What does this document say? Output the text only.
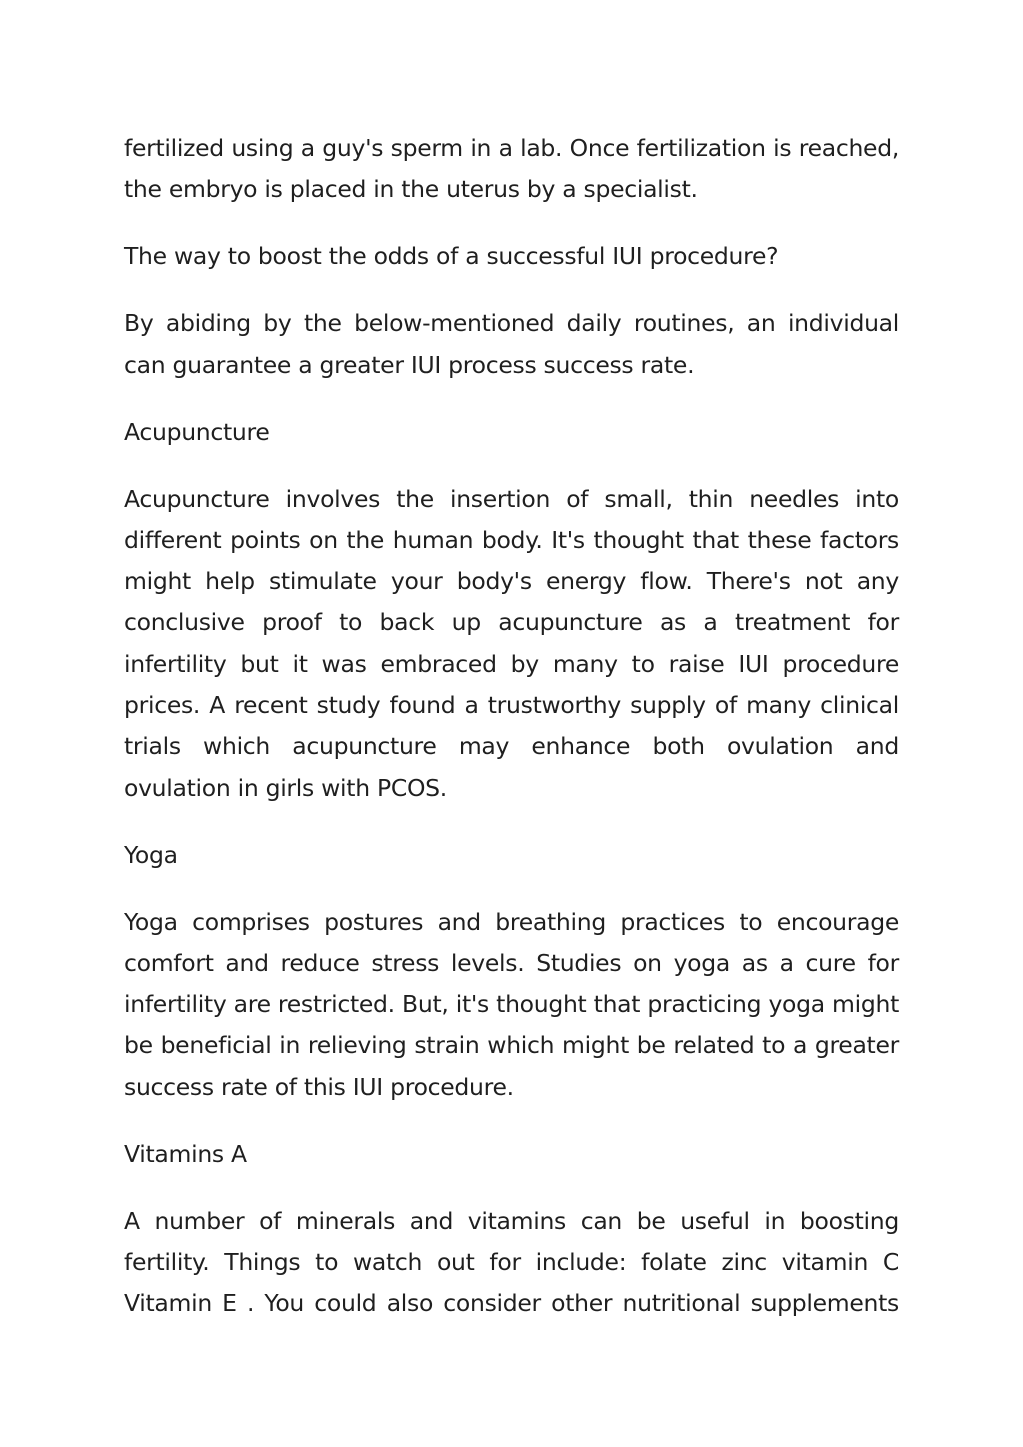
fertilized using a guy's sperm in a lab. Once fertilization is reached, the embryo is placed in the uterus by a specialist.

The way to boost the odds of a successful IUI procedure?

By abiding by the below-mentioned daily routines, an individual can guarantee a greater IUI process success rate.

Acupuncture

Acupuncture involves the insertion of small, thin needles into different points on the human body. It's thought that these factors might help stimulate your body's energy flow. There's not any conclusive proof to back up acupuncture as a treatment for infertility but it was embraced by many to raise IUI procedure prices. A recent study found a trustworthy supply of many clinical trials which acupuncture may enhance both ovulation and ovulation in girls with PCOS.

Yoga

Yoga comprises postures and breathing practices to encourage comfort and reduce stress levels. Studies on yoga as a cure for infertility are restricted. But, it's thought that practicing yoga might be beneficial in relieving strain which might be related to a greater success rate of this IUI procedure.

Vitamins A

A number of minerals and vitamins can be useful in boosting fertility. Things to watch out for include: folate zinc vitamin C Vitamin E . You could also consider other nutritional supplements
